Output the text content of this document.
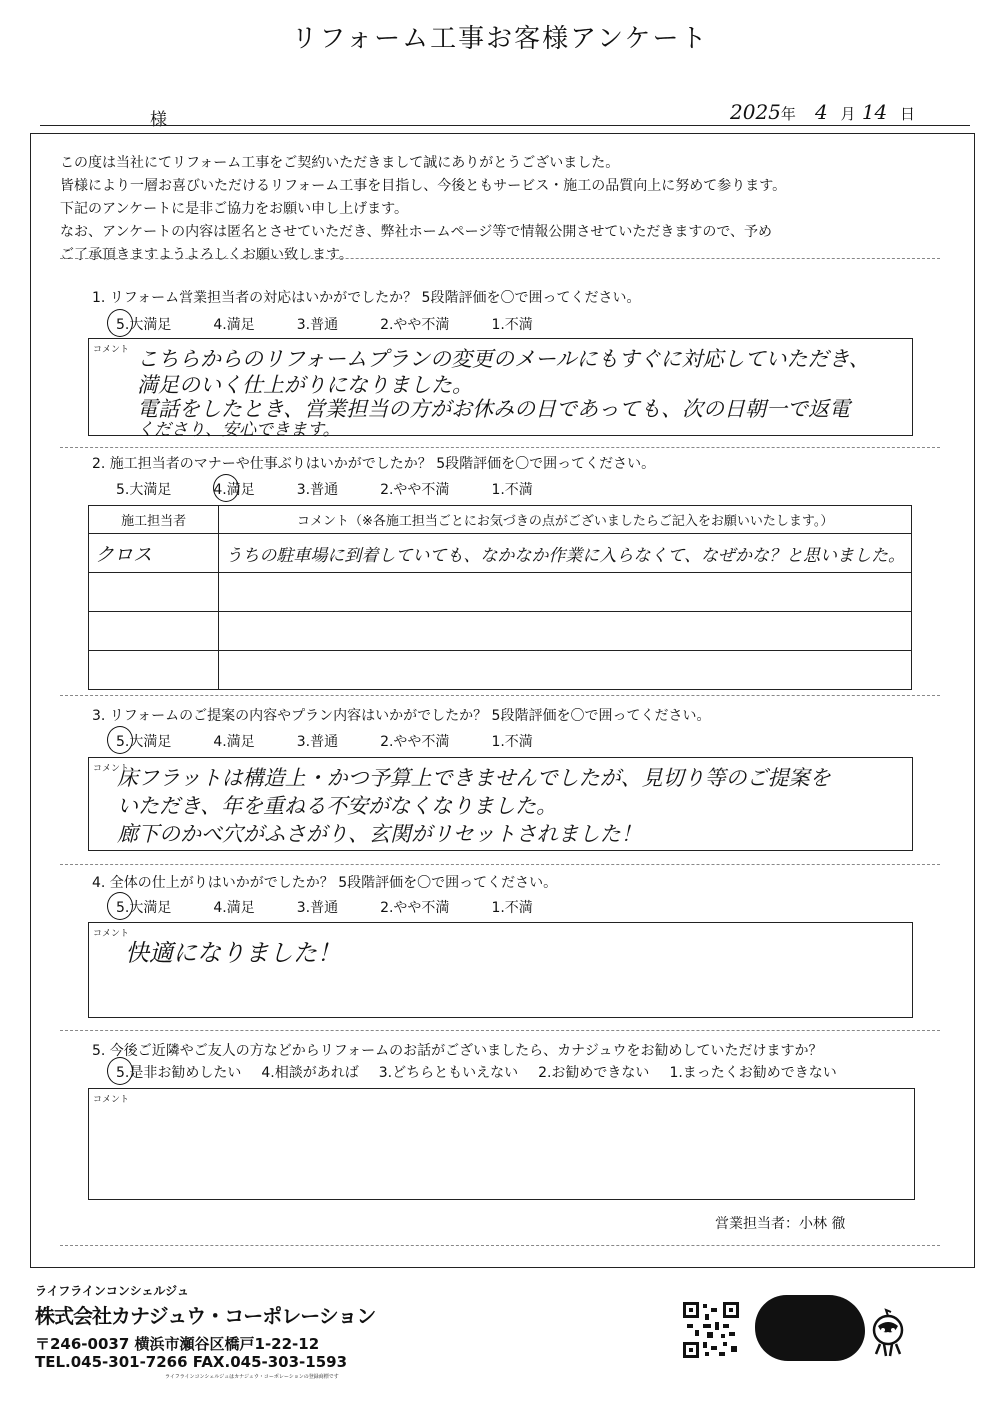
リフォーム工事お客様アンケート
様	2025年 4 月 14 日
この度は当社にてリフォーム工事をご契約いただきまして誠にありがとうございました。
皆様により一層お喜びいただけるリフォーム工事を目指し、今後ともサービス・施工の品質向上に努めて参ります。
下記のアンケートに是非ご協力をお願い申し上げます。
なお、アンケートの内容は匿名とさせていただき、弊社ホームページ等で情報公開させていただきますので、予め
ご了承頂きますようよろしくお願い致します。
1. リフォーム営業担当者の対応はいかがでしたか？ 5段階評価を〇で囲ってください。
5.大満足	4.満足	3.普通	2.やや不満	1.不満
コメント こちらからのリフォームプランの変更のメールにもすぐに対応していただき、
満足のいく仕上がりになりました。
電話をしたとき、営業担当の方がお休みの日であっても、次の日朝一で返電
くださり、安心できます。
2. 施工担当者のマナーや仕事ぶりはいかがでしたか？ 5段階評価を〇で囲ってください。
5.大満足	4.満足	3.普通	2.やや不満	1.不満
施工担当者	コメント（※各施工担当ごとにお気づきの点がございましたらご記入をお願いいたします。）
クロス	うちの駐車場に到着していても、なかなか作業に入らなくて、なぜかな？と思いました。

3. リフォームのご提案の内容やプラン内容はいかがでしたか？ 5段階評価を〇で囲ってください。
5.大満足	4.満足	3.普通	2.やや不満	1.不満
コメント
床フラットは構造上・かつ予算上できませんでしたが、見切り等のご提案を
いただき、年を重ねる不安がなくなりました。
廊下のかべ穴がふさがり、玄関がリセットされました！
4. 全体の仕上がりはいかがでしたか？ 5段階評価を〇で囲ってください。
5.大満足	4.満足	3.普通	2.やや不満	1.不満
コメント
快適になりました！
5. 今後ご近隣やご友人の方などからリフォームのお話がございましたら、カナジュウをお勧めしていただけますか？
5.是非お勧めしたい 4.相談があれば 3.どちらともいえない 2.お勧めできない 1.まったくお勧めできない
コメント
営業担当者：小林 徹
ライフラインコンシェルジュ
株式会社カナジュウ・コーポレーション
〒246-0037 横浜市瀬谷区橋戸1-22-12
TEL.045-301-7266 FAX.045-303-1593
ライフラインコンシェルジュはカナジュウ・コーポレーションの登録商標です
